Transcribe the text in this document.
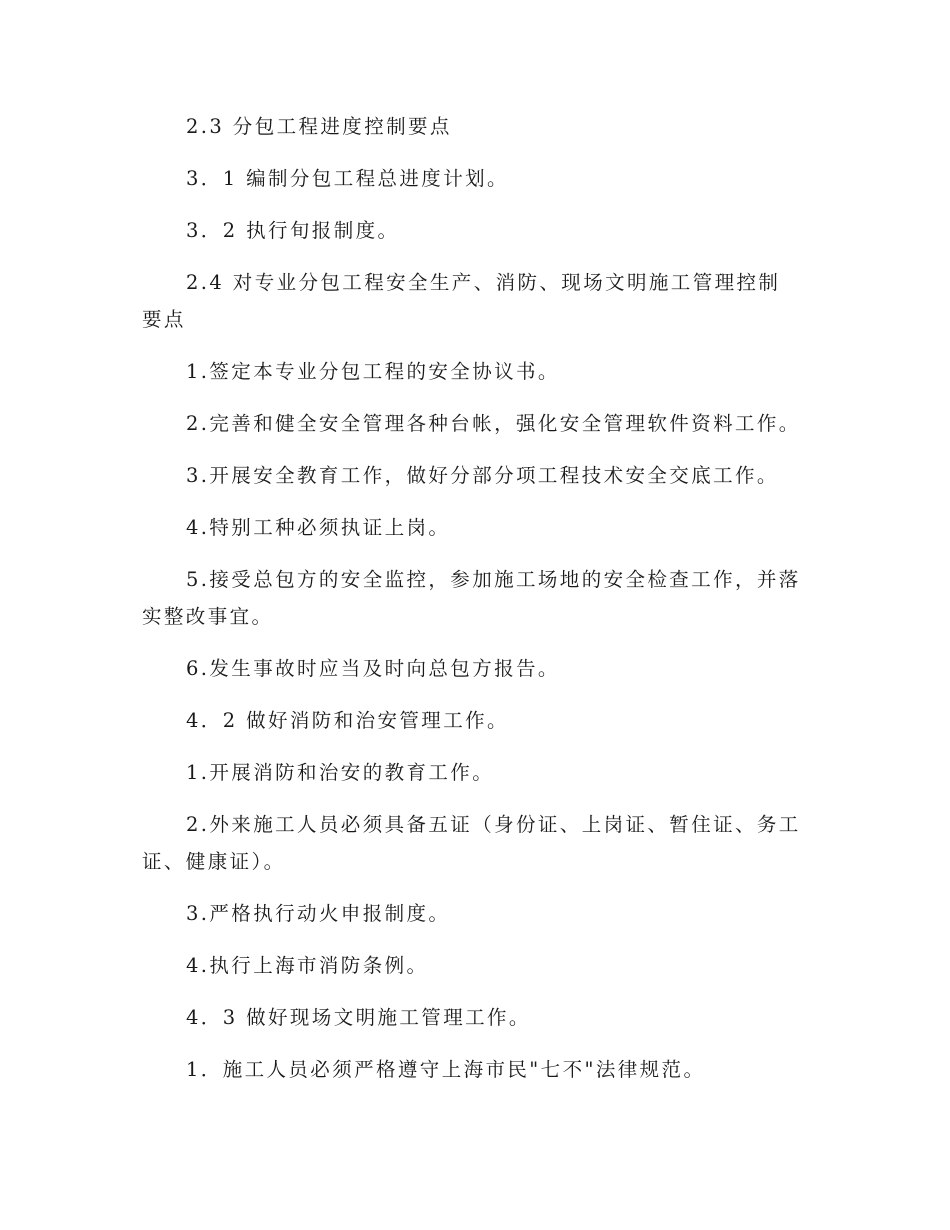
2.3 分包工程进度控制要点

3．1 编制分包工程总进度计划。

3．2 执行旬报制度。

2.4 对专业分包工程安全生产、消防、现场文明施工管理控制要点

1.签定本专业分包工程的安全协议书。

2.完善和健全安全管理各种台帐，强化安全管理软件资料工作。

3.开展安全教育工作，做好分部分项工程技术安全交底工作。

4.特别工种必须执证上岗。

5.接受总包方的安全监控，参加施工场地的安全检查工作，并落实整改事宜。

6.发生事故时应当及时向总包方报告。

4．2 做好消防和治安管理工作。

1.开展消防和治安的教育工作。

2.外来施工人员必须具备五证（身份证、上岗证、暂住证、务工证、健康证）。

3.严格执行动火申报制度。

4.执行上海市消防条例。

4．3 做好现场文明施工管理工作。

1．施工人员必须严格遵守上海市民"七不"法律规范。
